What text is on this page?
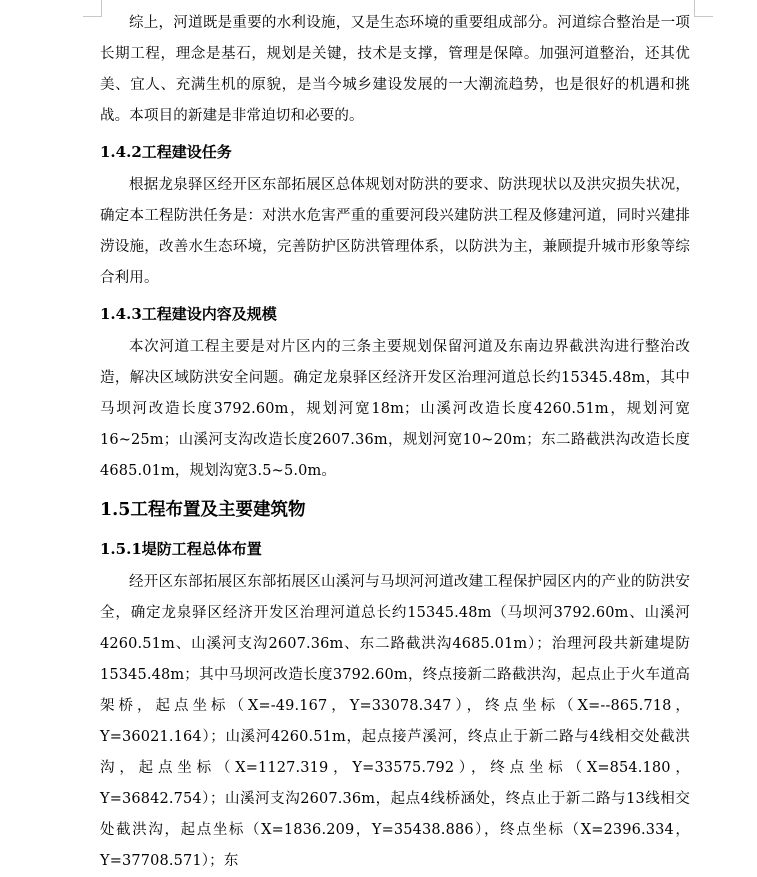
综上，河道既是重要的水利设施，又是生态环境的重要组成部分。河道综合整治是一项长期工程，理念是基石，规划是关键，技术是支撑，管理是保障。加强河道整治，还其优美、宜人、充满生机的原貌，是当今城乡建设发展的一大潮流趋势，也是很好的机遇和挑战。本项目的新建是非常迫切和必要的。

1.4.2工程建设任务

根据龙泉驿区经开区东部拓展区总体规划对防洪的要求、防洪现状以及洪灾损失状况，确定本工程防洪任务是：对洪水危害严重的重要河段兴建防洪工程及修建河道，同时兴建排涝设施，改善水生态环境，完善防护区防洪管理体系，以防洪为主，兼顾提升城市形象等综合利用。

1.4.3工程建设内容及规模

本次河道工程主要是对片区内的三条主要规划保留河道及东南边界截洪沟进行整治改造，解决区域防洪安全问题。确定龙泉驿区经济开发区治理河道总长约15345.48m，其中马坝河改造长度3792.60m，规划河宽18m；山溪河改造长度4260.51m，规划河宽16~25m；山溪河支沟改造长度2607.36m，规划河宽10~20m；东二路截洪沟改造长度4685.01m，规划沟宽3.5~5.0m。

1.5工程布置及主要建筑物
1.5.1堤防工程总体布置

经开区东部拓展区东部拓展区山溪河与马坝河河道改建工程保护园区内的产业的防洪安全，确定龙泉驿区经济开发区治理河道总长约15345.48m（马坝河3792.60m、山溪河4260.51m、山溪河支沟2607.36m、东二路截洪沟4685.01m）；治理河段共新建堤防15345.48m；其中马坝河改造长度3792.60m，终点接新二路截洪沟，起点止于火车道高架桥，起点坐标（X=-49.167，Y=33078.347），终点坐标（X=--865.718，Y=36021.164）；山溪河4260.51m，起点接芦溪河，终点止于新二路与4线相交处截洪沟，起点坐标（X=1127.319，Y=33575.792），终点坐标（X=854.180，Y=36842.754）；山溪河支沟2607.36m，起点4线桥涵处，终点止于新二路与13线相交处截洪沟，起点坐标（X=1836.209，Y=35438.886），终点坐标（X=2396.334，Y=37708.571）；东
